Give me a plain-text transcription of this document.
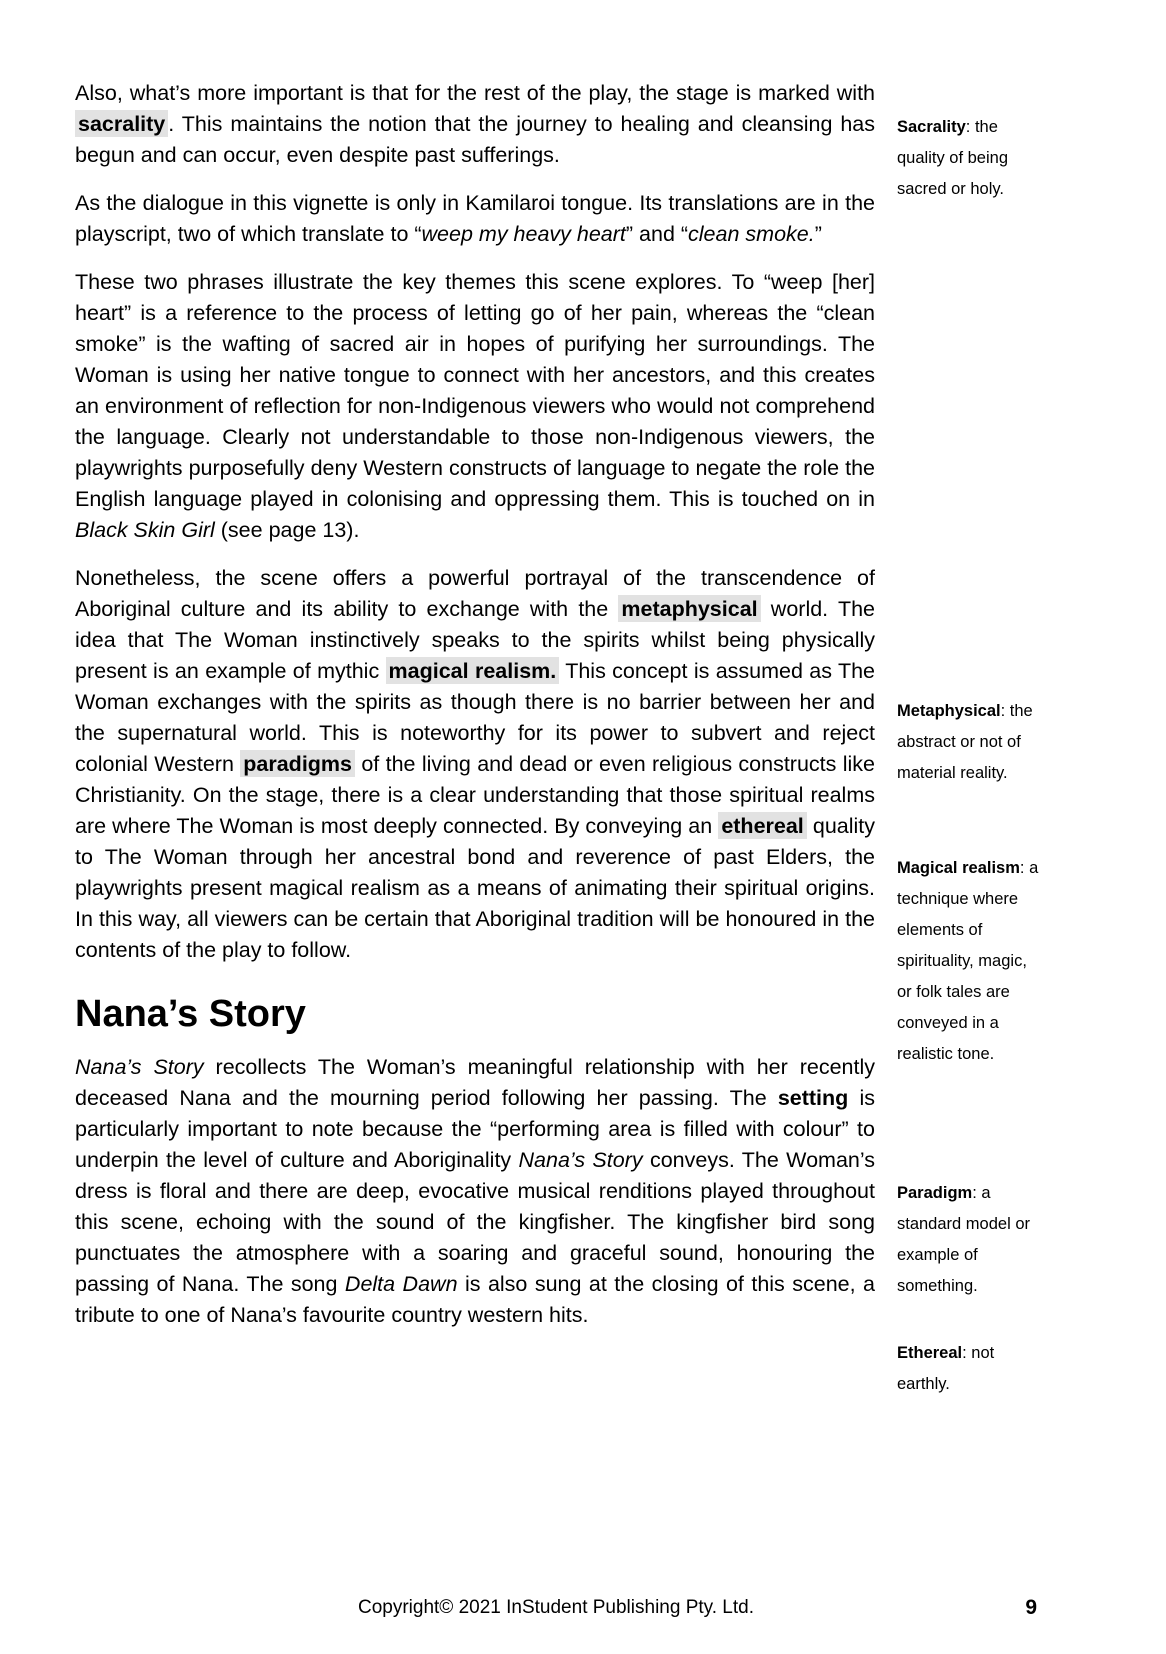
Also, what’s more important is that for the rest of the play, the stage is marked with sacrality . This maintains the notion that the journey to healing and cleansing has begun and can occur, even despite past sufferings.

As the dialogue in this vignette is only in Kamilaroi tongue. Its translations are in the playscript, two of which translate to “weep my heavy heart” and “clean smoke.”

These two phrases illustrate the key themes this scene explores. To “weep [her] heart” is a reference to the process of letting go of her pain, whereas the “clean smoke” is the wafting of sacred air in hopes of purifying her surroundings. The Woman is using her native tongue to connect with her ancestors, and this creates an environment of reflection for non-Indigenous viewers who would not comprehend the language. Clearly not understandable to those non-Indigenous viewers, the playwrights purposefully deny Western constructs of language to negate the role the English language played in colonising and oppressing them. This is touched on in Black Skin Girl (see page 13).

Nonetheless, the scene offers a powerful portrayal of the transcendence of Aboriginal culture and its ability to exchange with the metaphysical world. The idea that The Woman instinctively speaks to the spirits whilst being physically present is an example of mythic magical realism. This concept is assumed as The Woman exchanges with the spirits as though there is no barrier between her and the supernatural world. This is noteworthy for its power to subvert and reject colonial Western paradigms of the living and dead or even religious constructs like Christianity. On the stage, there is a clear understanding that those spiritual realms are where The Woman is most deeply connected. By conveying an ethereal quality to The Woman through her ancestral bond and reverence of past Elders, the playwrights present magical realism as a means of animating their spiritual origins. In this way, all viewers can be certain that Aboriginal tradition will be honoured in the contents of the play to follow.

Nana’s Story

Nana’s Story recollects The Woman’s meaningful relationship with her recently deceased Nana and the mourning period following her passing. The setting is particularly important to note because the “performing area is filled with colour” to underpin the level of culture and Aboriginality Nana’s Story conveys. The Woman’s dress is floral and there are deep, evocative musical renditions played throughout this scene, echoing with the sound of the kingfisher. The kingfisher bird song punctuates the atmosphere with a soaring and graceful sound, honouring the passing of Nana. The song Delta Dawn is also sung at the closing of this scene, a tribute to one of Nana’s favourite country western hits.

Sacrality: the quality of being sacred or holy.
Metaphysical: the abstract or not of material reality.
Magical realism: a technique where elements of spirituality, magic, or folk tales are conveyed in a realistic tone.
Paradigm: a standard model or example of something.
Ethereal: not earthly.
Copyright© 2021 InStudent Publishing Pty. Ltd.	9
